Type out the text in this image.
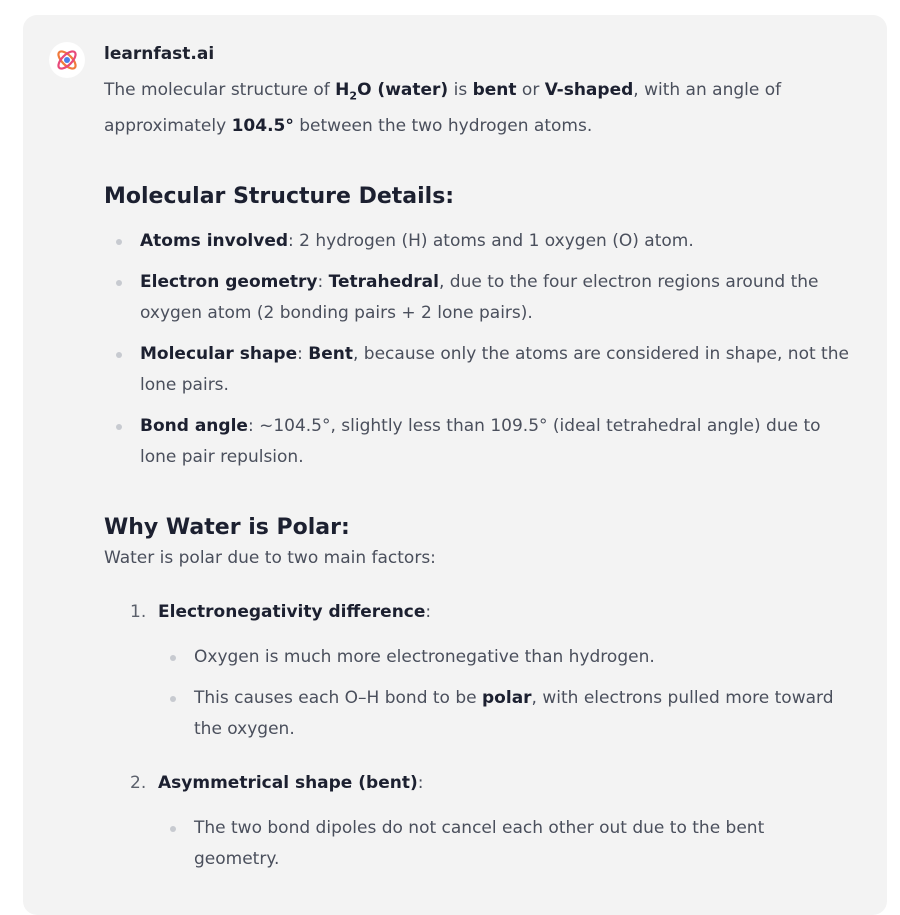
learnfast.ai

The molecular structure of $H_2O$ (water) is bent or V-shaped, with an angle of approximately 104.5° between the two hydrogen atoms.

Molecular Structure Details:
Atoms involved: 2 hydrogen (H) atoms and 1 oxygen (O) atom.
Electron geometry: Tetrahedral, due to the four electron regions around the oxygen atom (2 bonding pairs + 2 lone pairs).
Molecular shape: Bent, because only the atoms are considered in shape, not the lone pairs.
Bond angle: ~104.5°, slightly less than 109.5° (ideal tetrahedral angle) due to lone pair repulsion.
Why Water is Polar:

Water is polar due to two main factors:

1. Electronegativity difference:
Oxygen is much more electronegative than hydrogen.
This causes each O–H bond to be polar, with electrons pulled more toward the oxygen.
2. Asymmetrical shape (bent):
The two bond dipoles do not cancel each other out due to the bent geometry.
